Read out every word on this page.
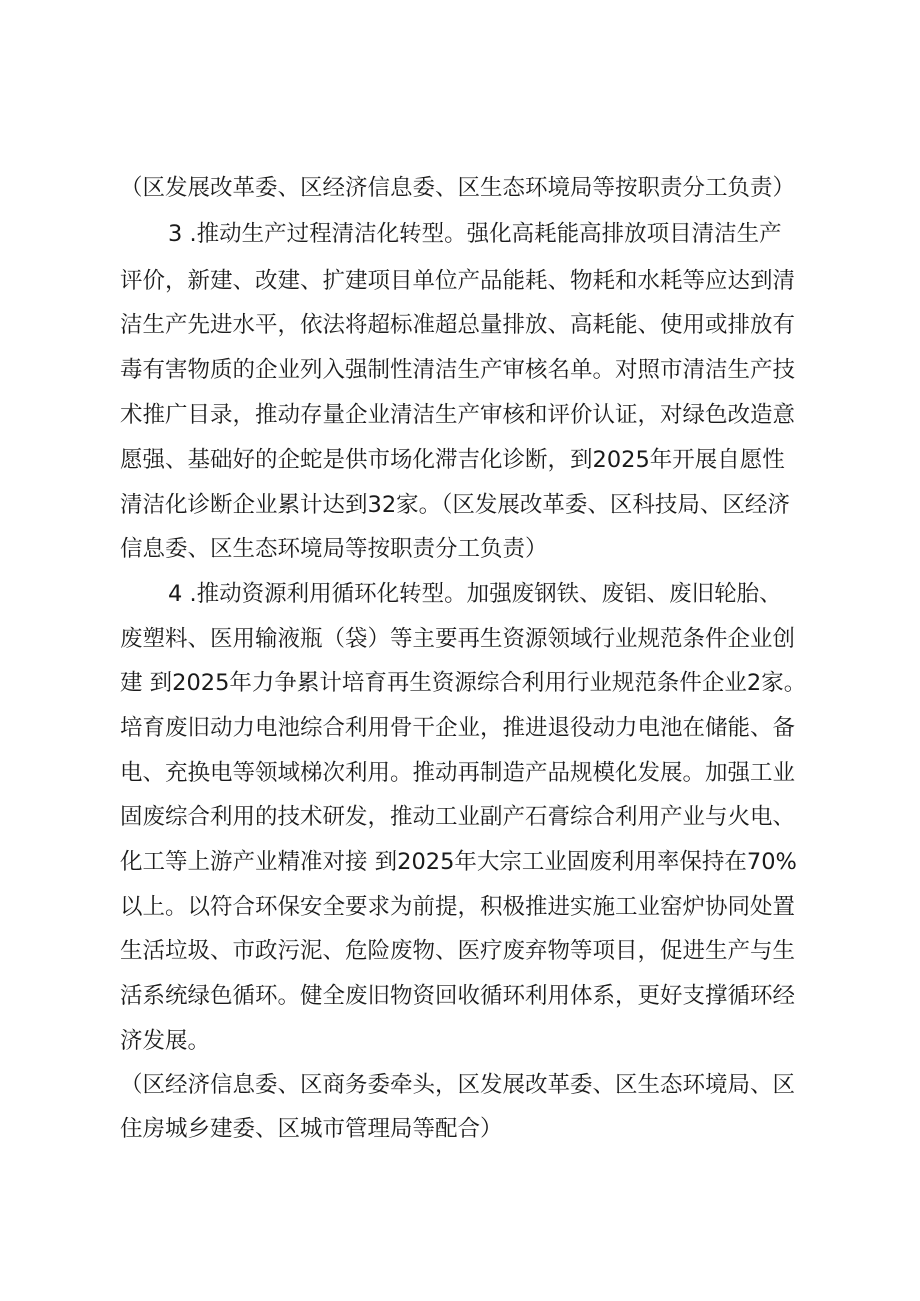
（区发展改革委、区经济信息委、区生态环境局等按职责分工负责）
3 .推动生产过程清洁化转型。强化高耗能高排放项目清洁生产
评价，新建、改建、扩建项目单位产品能耗、物耗和水耗等应达到清
洁生产先进水平，依法将超标准超总量排放、高耗能、使用或排放有
毒有害物质的企业列入强制性清洁生产审核名单。对照市清洁生产技
术推广目录，推动存量企业清洁生产审核和评价认证，对绿色改造意
愿强、基础好的企蛇是供市场化滞吉化诊断，到2025年开展自愿性
清洁化诊断企业累计达到32家。（区发展改革委、区科技局、区经济
信息委、区生态环境局等按职责分工负责）
4 .推动资源利用循环化转型。加强废钢铁、废铝、废旧轮胎、
废塑料、医用输液瓶（袋）等主要再生资源领域行业规范条件企业创
建 到2025年力争累计培育再生资源综合利用行业规范条件企业2家。
培育废旧动力电池综合利用骨干企业，推进退役动力电池在储能、备
电、充换电等领域梯次利用。推动再制造产品规模化发展。加强工业
固废综合利用的技术研发，推动工业副产石膏综合利用产业与火电、
化工等上游产业精准对接 到2025年大宗工业固废利用率保持在70%
以上。以符合环保安全要求为前提，积极推进实施工业窑炉协同处置
生活垃圾、市政污泥、危险废物、医疗废弃物等项目，促进生产与生
活系统绿色循环。健全废旧物资回收循环利用体系，更好支撑循环经
济发展。
（区经济信息委、区商务委牵头，区发展改革委、区生态环境局、区
住房城乡建委、区城市管理局等配合）
